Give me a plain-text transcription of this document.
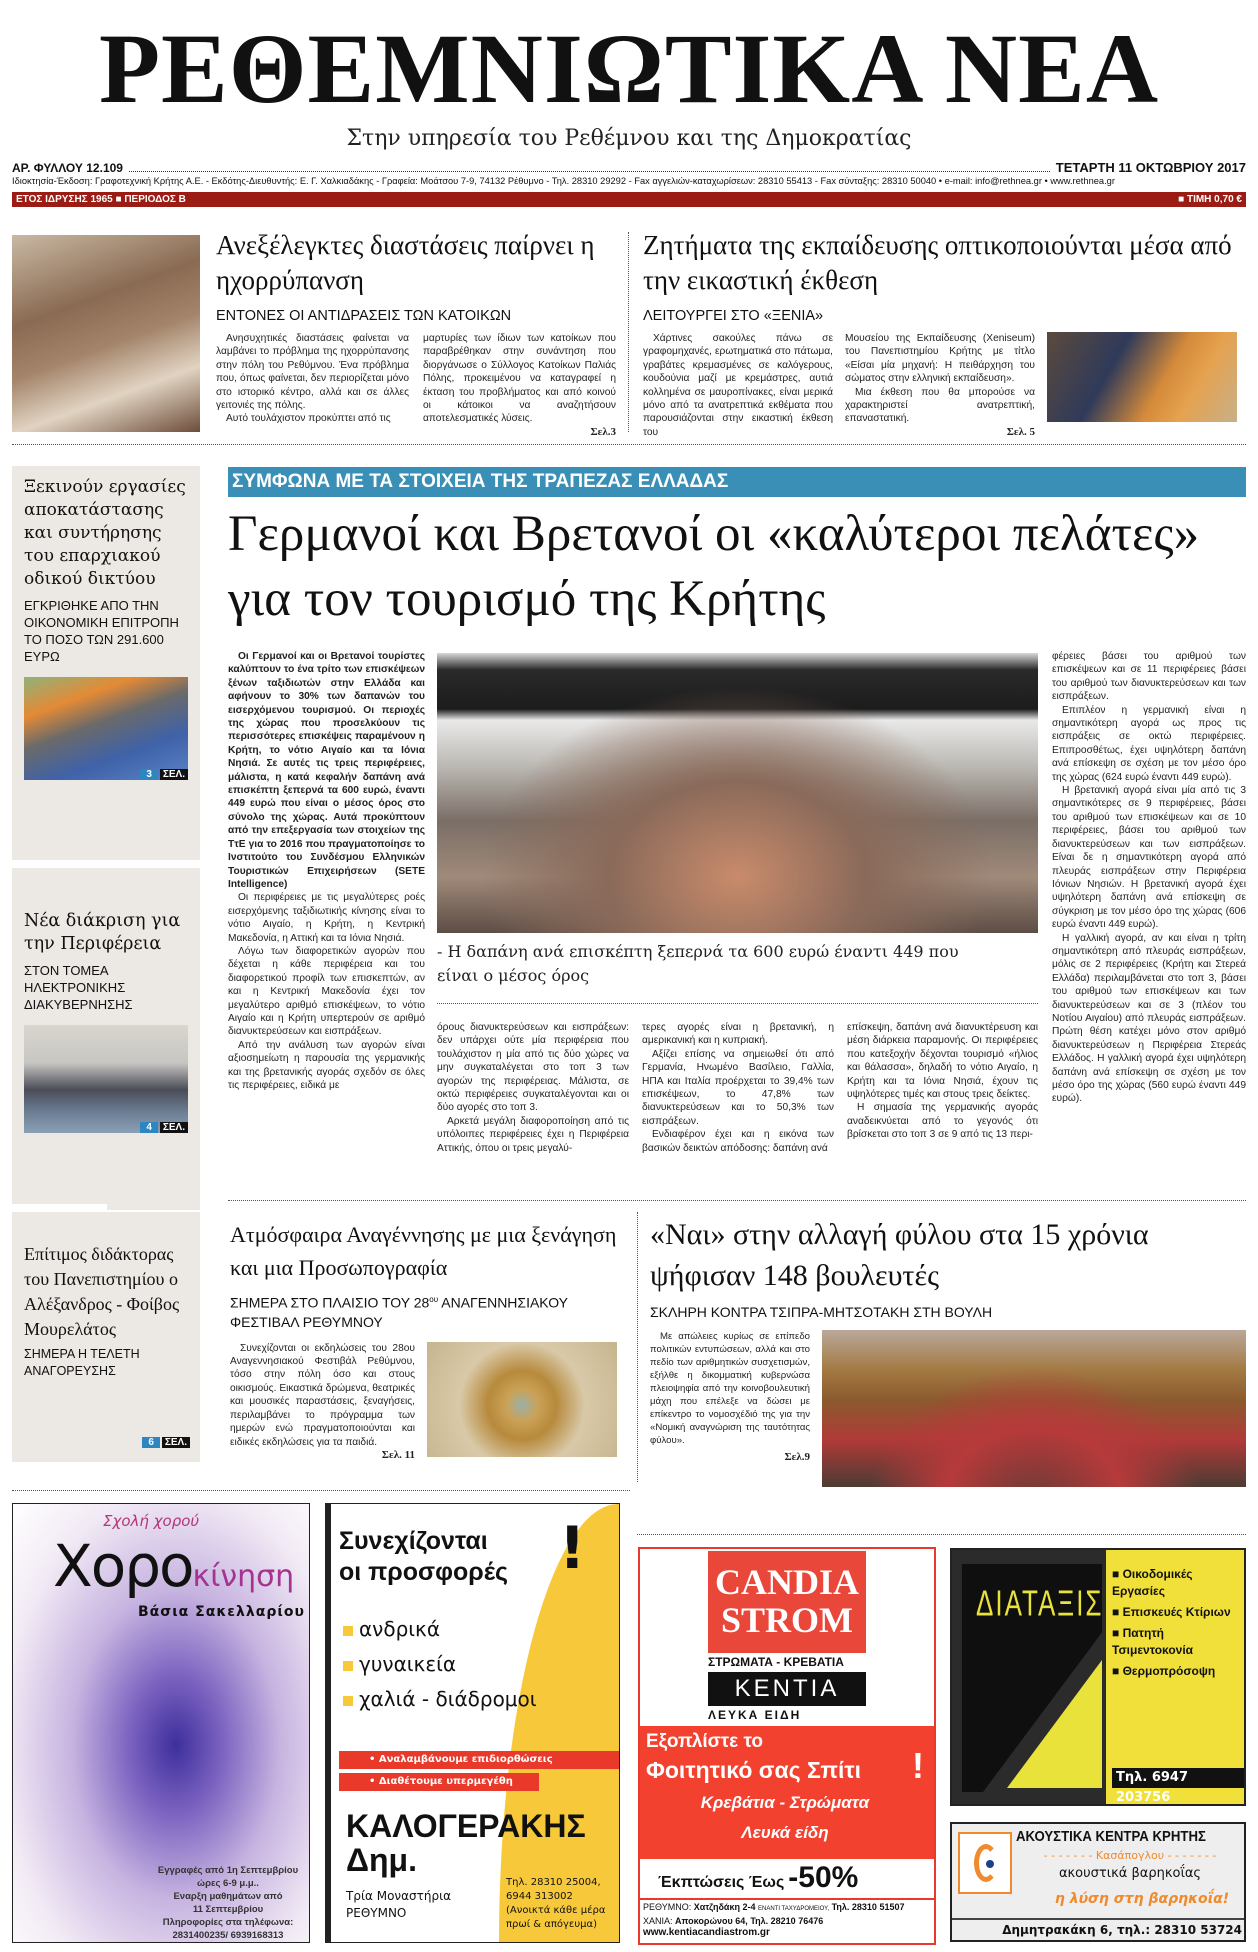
ΡΕΘΕΜΝΙΩΤΙΚΑ ΝΕΑ
Στην υπηρεσία του Ρεθέμνου και της Δημοκρατίας
ΑΡ. ΦΥΛΛΟΥ 12.109	ΤΕΤΑΡΤΗ 11 ΟΚΤΩΒΡΙΟΥ 2017
Ιδιοκτησία-Έκδοση: Γραφοτεχνική Κρήτης Α.Ε. - Εκδότης-Διευθυντής: Ε. Γ. Χαλκιαδάκης - Γραφεία: Μοάτσου 7-9, 74132 Ρέθυμνο - Τηλ. 28310 29292 - Fax αγγελιών-καταχωρίσεων: 28310 55413 - Fax σύνταξης: 28310 50040 • e-mail: info@rethnea.gr • www.rethnea.gr
ΕΤΟΣ ΙΔΡΥΣΗΣ 1965 ■ ΠΕΡΙΟΔΟΣ Β	■ ΤΙΜΗ 0,70 €
Ανεξέλεγκτες διαστάσεις παίρνει η ηχορρύπανση
ΕΝΤΟΝΕΣ ΟΙ ΑΝΤΙΔΡΑΣΕΙΣ ΤΩΝ ΚΑΤΟΙΚΩΝ

Ανησυχητικές διαστάσεις φαίνεται να λαμβάνει το πρόβλημα της ηχορρύπανσης στην πόλη του Ρεθύμνου. Ένα πρόβλημα που, όπως φαίνεται, δεν περιορίζεται μόνο στο ιστορικό κέντρο, αλλά και σε άλλες γειτονιές της πόλης.

Αυτό τουλάχιστον προκύπτει από τις

μαρτυρίες των ίδιων των κατοίκων που παραβρέθηκαν στην συνάντηση που διοργάνωσε ο Σύλλογος Κατοίκων Παλιάς Πόλης, προκειμένου να καταγραφεί η έκταση του προβλήματος και από κοινού οι κάτοικοι να αναζητήσουν αποτελεσματικές λύσεις.

Σελ.3
Ζητήματα της εκπαίδευσης οπτικοποιούνται μέσα από την εικαστική έκθεση
ΛΕΙΤΟΥΡΓΕΙ ΣΤΟ «ΞΕΝΙΑ»

Χάρτινες σακούλες πάνω σε γραφομηχανές, ερωτηματικά στο πάτωμα, γραβάτες κρεμασμένες σε καλόγερους, κουδούνια μαζί με κρεμάστρες, αυτιά κολλημένα σε μαυροπίνακες, είναι μερικά μόνο από τα ανατρεπτικά εκθέματα που παρουσιάζονται στην εικαστική έκθεση του

Μουσείου της Εκπαίδευσης (Xeniseum) του Πανεπιστημίου Κρήτης με τίτλο «Είσαι μία μηχανή: Η πειθάρχηση του σώματος στην ελληνική εκπαίδευση».

Μια έκθεση που θα μπορούσε να χαρακτηριστεί ανατρεπτική, επαναστατική.

Σελ. 5
Ξεκινούν εργασίες αποκατάστασης και συντήρησης του επαρχιακού οδικού δικτύου
ΕΓΚΡΙΘΗΚΕ ΑΠΟ ΤΗΝ ΟΙΚΟΝΟΜΙΚΗ ΕΠΙΤΡΟΠΗ ΤΟ ΠΟΣΟ ΤΩΝ 291.600 ΕΥΡΩ
3	ΣΕΛ.
Νέα διάκριση για την Περιφέρεια
ΣΤΟΝ ΤΟΜΕΑ ΗΛΕΚΤΡΟΝΙΚΗΣ ΔΙΑΚΥΒΕΡΝΗΣΗΣ
4	ΣΕΛ.
Επίτιμος διδάκτορας του Πανεπιστημίου ο Αλέξανδρος - Φοίβος Μουρελάτος
ΣΗΜΕΡΑ Η ΤΕΛΕΤΗ ΑΝΑΓΟΡΕΥΣΗΣ
6	ΣΕΛ.
ΣΥΜΦΩΝΑ ΜΕ ΤΑ ΣΤΟΙΧΕΙΑ ΤΗΣ ΤΡΑΠΕΖΑΣ ΕΛΛΑΔΑΣ
Γερμανοί και Βρετανοί οι «καλύτεροι πελάτες» για τον τουρισμό της Κρήτης

Οι Γερμανοί και οι Βρετανοί τουρίστες καλύπτουν το ένα τρίτο των επισκέψεων ξένων ταξιδιωτών στην Ελλάδα και αφήνουν το 30% των δαπανών του εισερχόμενου τουρισμού. Οι περιοχές της χώρας που προσελκύουν τις περισσότερες επισκέψεις παραμένουν η Κρήτη, το νότιο Αιγαίο και τα Ιόνια Νησιά. Σε αυτές τις τρεις περιφέρειες, μάλιστα, η κατά κεφαλήν δαπάνη ανά επισκέπτη ξεπερνά τα 600 ευρώ, έναντι 449 ευρώ που είναι ο μέσος όρος στο σύνολο της χώρας. Αυτά προκύπτουν από την επεξεργασία των στοιχείων της ΤτΕ για το 2016 που πραγματοποίησε το Ινστιτούτο του Συνδέσμου Ελληνικών Τουριστικών Επιχειρήσεων (SETE Intelligence)

Οι περιφέρειες με τις μεγαλύτερες ροές εισερχόμενης ταξιδιωτικής κίνησης είναι το νότιο Αιγαίο, η Κρήτη, η Κεντρική Μακεδονία, η Αττική και τα Ιόνια Νησιά.

Λόγω των διαφορετικών αγορών που δέχεται η κάθε περιφέρεια και του διαφορετικού προφίλ των επισκεπτών, αν και η Κεντρική Μακεδονία έχει τον μεγαλύτερο αριθμό επισκέψεων, το νότιο Αιγαίο και η Κρήτη υπερτερούν σε αριθμό διανυκτερεύσεων και εισπράξεων.

Από την ανάλυση των αγορών είναι αξιοσημείωτη η παρουσία της γερμανικής και της βρετανικής αγοράς σχεδόν σε όλες τις περιφέρειες, ειδικά με

- Η δαπάνη ανά επισκέπτη ξεπερνά τα 600 ευρώ έναντι 449 που είναι ο μέσος όρος

όρους διανυκτερεύσεων και εισπράξεων: δεν υπάρχει ούτε μία περιφέρεια που τουλάχιστον η μία από τις δύο χώρες να μην συγκαταλέγεται στο τοπ 3 των αγορών της περιφέρειας. Μάλιστα, σε οκτώ περιφέρειες συγκαταλέγονται και οι δύο αγορές στο τοπ 3.

Αρκετά μεγάλη διαφοροποίηση από τις υπόλοιπες περιφέρειες έχει η Περιφέρεια Αττικής, όπου οι τρεις μεγαλύ-

τερες αγορές είναι η βρετανική, η αμερικανική και η κυπριακή.

Αξίζει επίσης να σημειωθεί ότι από Γερμανία, Ηνωμένο Βασίλειο, Γαλλία, ΗΠΑ και Ιταλία προέρχεται το 39,4% των επισκέψεων, το 47,8% των διανυκτερεύσεων και το 50,3% των εισπράξεων.

Ενδιαφέρον έχει και η εικόνα των βασικών δεικτών απόδοσης: δαπάνη ανά

επίσκεψη, δαπάνη ανά διανυκτέρευση και μέση διάρκεια παραμονής. Οι περιφέρειες που κατεξοχήν δέχονται τουρισμό «ήλιος και θάλασσα», δηλαδή το νότιο Αιγαίο, η Κρήτη και τα Ιόνια Νησιά, έχουν τις υψηλότερες τιμές και στους τρεις δείκτες.

Η σημασία της γερμανικής αγοράς αναδεικνύεται από το γεγονός ότι βρίσκεται στο τοπ 3 σε 9 από τις 13 περι-

φέρειες βάσει του αριθμού των επισκέψεων και σε 11 περιφέρειες βάσει του αριθμού των διανυκτερεύσεων και των εισπράξεων.

Επιπλέον η γερμανική είναι η σημαντικότερη αγορά ως προς τις εισπράξεις σε οκτώ περιφέρειες. Επιπροσθέτως, έχει υψηλότερη δαπάνη ανά επίσκεψη σε σχέση με τον μέσο όρο της χώρας (624 ευρώ έναντι 449 ευρώ).

Η βρετανική αγορά είναι μία από τις 3 σημαντικότερες σε 9 περιφέρειες, βάσει του αριθμού των επισκέψεων και σε 10 περιφέρειες, βάσει του αριθμού των διανυκτερεύσεων και των εισπράξεων. Είναι δε η σημαντικότερη αγορά από πλευράς εισπράξεων στην Περιφέρεια Ιόνιων Νησιών. Η βρετανική αγορά έχει υψηλότερη δαπάνη ανά επίσκεψη σε σύγκριση με τον μέσο όρο της χώρας (606 ευρώ έναντι 449 ευρώ).

Η γαλλική αγορά, αν και είναι η τρίτη σημαντικότερη από πλευράς εισπράξεων, μόλις σε 2 περιφέρειες (Κρήτη και Στερεά Ελλάδα) περιλαμβάνεται στο τοπ 3, βάσει του αριθμού των επισκέψεων και των διανυκτερεύσεων και σε 3 (πλέον του Νοτίου Αιγαίου) από πλευράς εισπράξεων. Πρώτη θέση κατέχει μόνο στον αριθμό διανυκτερεύσεων η Περιφέρεια Στερεάς Ελλάδος. Η γαλλική αγορά έχει υψηλότερη δαπάνη ανά επίσκεψη σε σχέση με τον μέσο όρο της χώρας (560 ευρώ έναντι 449 ευρώ).

Ατμόσφαιρα Αναγέννησης με μια ξενάγηση και μια Προσωπογραφία
ΣΗΜΕΡΑ ΣΤΟ ΠΛΑΙΣΙΟ ΤΟΥ $28^{o\upsilon}$ ΑΝΑΓΕΝΝΗΣΙΑΚΟΥ ΦΕΣΤΙΒΑΛ ΡΕΘΥΜΝΟΥ

Συνεχίζονται οι εκδηλώσεις του 28ου Αναγεννησιακού Φεστιβάλ Ρεθύμνου, τόσο στην πόλη όσο και στους οικισμούς. Εικαστικά δρώμενα, θεατρικές και μουσικές παραστάσεις, ξεναγήσεις, περιλαμβάνει το πρόγραμμα των ημερών ενώ πραγματοποιούνται και ειδικές εκδηλώσεις για τα παιδιά.

Σελ. 11
«Ναι» στην αλλαγή φύλου στα 15 χρόνια ψήφισαν 148 βουλευτές
ΣΚΛΗΡΗ ΚΟΝΤΡΑ ΤΣΙΠΡΑ-ΜΗΤΣΟΤΑΚΗ ΣΤΗ ΒΟΥΛΗ

Με απώλειες κυρίως σε επίπεδο πολιτικών εντυπώσεων, αλλά και στο πεδίο των αριθμητικών συσχετισμών, εξήλθε η δικομματική κυβερνώσα πλειοψηφία από την κοινοβουλευτική μάχη που επέλεξε να δώσει με επίκεντρο το νομοσχέδιό της για την «Νομική αναγνώριση της ταυτότητας φύλου».

Σελ.9
Σχολή χορού
Χοροκίνηση
Βάσια Σακελλαρίου
Εγγραφές από 1η Σεπτεμβρίου
ώρες 6-9 μ.μ..
Εναρξη μαθημάτων από
11 Σεπτεμβρίου
Πληροφορίες στα τηλέφωνα:
2831400235/ 6939168313
Συνεχίζονται
οι προσφορές !
ανδρικά
γυναικεία
χαλιά - διάδρομοι
• Αναλαμβάνουμε επιδιορθώσεις
• Διαθέτουμε υπερμεγέθη
ΚΑΛΟΓΕΡΑΚΗΣ
Δημ.
Τρία Μοναστήρια
ΡΕΘΥΜΝΟ
Τηλ. 28310 25004,
6944 313002
(Ανοικτά κάθε μέρα
πρωί & απόγευμα)
CANDIA
STROM
ΣΤΡΩΜΑΤΑ - ΚΡΕΒΑΤΙΑ
KENTIA
ΛΕΥΚΑ ΕΙΔΗ
Εξοπλίστε το
Φοιτητικό σας Σπίτι !
Κρεβάτια - Στρώματα
Λευκά είδη
Έκπτώσεις Έως -50%
ΡΕΘΥΜΝΟ: Χατζηδάκη 2-4 ΕΝΑΝΤΙ ΤΑΧΥΔΡΟΜΕΙΟΥ, Τηλ. 28310 51507
ΧΑΝΙΑ: Αποκορώνου 64, Τηλ. 28210 76476
www.kentiacandiastrom.gr
ΔΙΑΤΑΞΙΣ
■ Οικοδομικές Εργασίες
■ Επισκευές Κτίριων
■ Πατητή Τσιμεντοκονία
■ Θερμοπρόσοψη
Τηλ. 6947 203756
ΑΚΟΥΣΤΙΚΑ ΚΕΝΤΡΑ ΚΡΗΤΗΣ
- - - - - - - Κασάπογλου - - - - - - -
ακουστικά βαρηκοΐας
η λύση στη βαρηκοΐα!
Δημητρακάκη 6, τηλ.: 28310 53724
